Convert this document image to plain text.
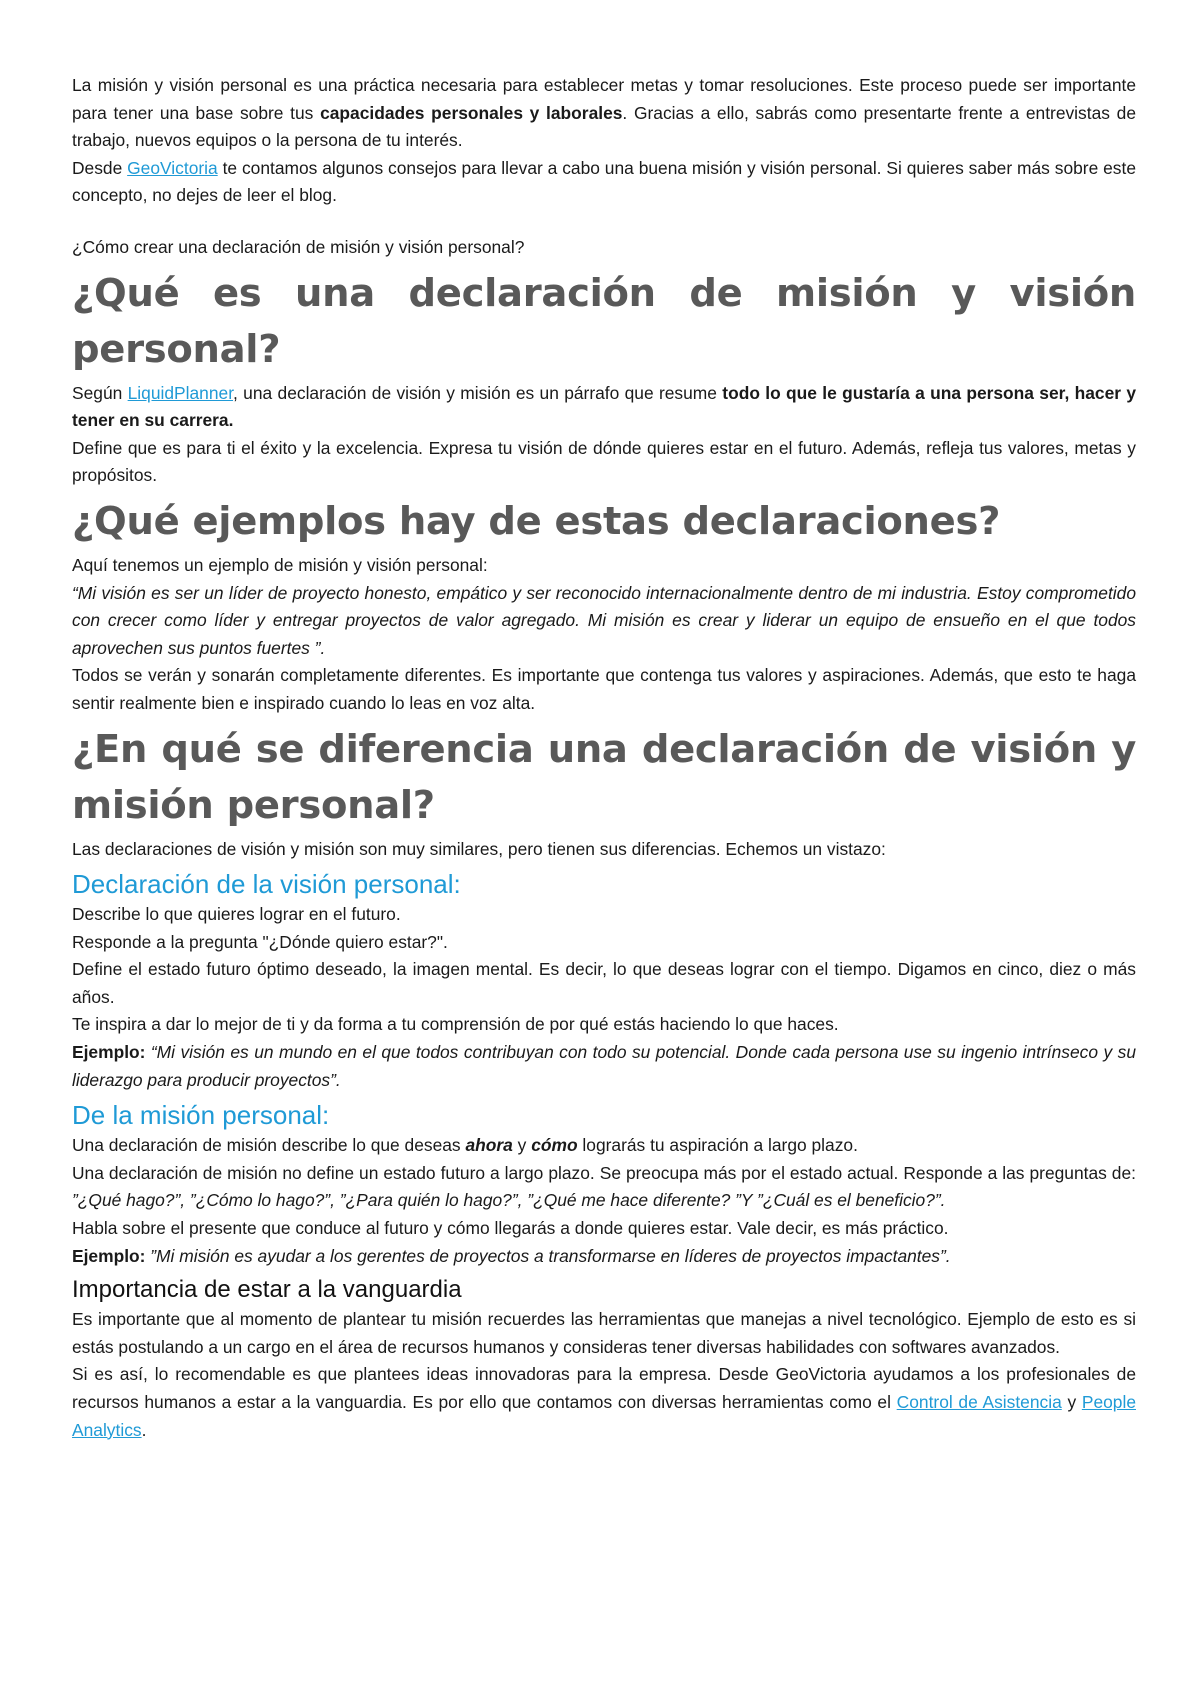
La misión y visión personal es una práctica necesaria para establecer metas y tomar resoluciones. Este proceso puede ser importante para tener una base sobre tus capacidades personales y laborales. Gracias a ello, sabrás como presentarte frente a entrevistas de trabajo, nuevos equipos o la persona de tu interés.

Desde GeoVictoria te contamos algunos consejos para llevar a cabo una buena misión y visión personal. Si quieres saber más sobre este concepto, no dejes de leer el blog.

¿Cómo crear una declaración de misión y visión personal?

¿Qué es una declaración de misión y visión personal?

Según LiquidPlanner, una declaración de visión y misión es un párrafo que resume todo lo que le gustaría a una persona ser, hacer y tener en su carrera.

Define que es para ti el éxito y la excelencia. Expresa tu visión de dónde quieres estar en el futuro. Además, refleja tus valores, metas y propósitos.

¿Qué ejemplos hay de estas declaraciones?

Aquí tenemos un ejemplo de misión y visión personal:

“Mi visión es ser un líder de proyecto honesto, empático y ser reconocido internacionalmente dentro de mi industria. Estoy comprometido con crecer como líder y entregar proyectos de valor agregado. Mi misión es crear y liderar un equipo de ensueño en el que todos aprovechen sus puntos fuertes ”.

Todos se verán y sonarán completamente diferentes. Es importante que contenga tus valores y aspiraciones. Además, que esto te haga sentir realmente bien e inspirado cuando lo leas en voz alta.

¿En qué se diferencia una declaración de visión y misión personal?

Las declaraciones de visión y misión son muy similares, pero tienen sus diferencias. Echemos un vistazo:

Declaración de la visión personal:

Describe lo que quieres lograr en el futuro.

Responde a la pregunta "¿Dónde quiero estar?".

Define el estado futuro óptimo deseado, la imagen mental. Es decir, lo que deseas lograr con el tiempo. Digamos en cinco, diez o más años.

Te inspira a dar lo mejor de ti y da forma a tu comprensión de por qué estás haciendo lo que haces.

Ejemplo: “Mi visión es un mundo en el que todos contribuyan con todo su potencial. Donde cada persona use su ingenio intrínseco y su liderazgo para producir proyectos”.

De la misión personal:

Una declaración de misión describe lo que deseas ahora y cómo lograrás tu aspiración a largo plazo.

Una declaración de misión no define un estado futuro a largo plazo. Se preocupa más por el estado actual. Responde a las preguntas de: ”¿Qué hago?”, ”¿Cómo lo hago?”, ”¿Para quién lo hago?”, ”¿Qué me hace diferente? ”Y ”¿Cuál es el beneficio?”.

Habla sobre el presente que conduce al futuro y cómo llegarás a donde quieres estar. Vale decir, es más práctico.

Ejemplo: ”Mi misión es ayudar a los gerentes de proyectos a transformarse en líderes de proyectos impactantes”.

Importancia de estar a la vanguardia

Es importante que al momento de plantear tu misión recuerdes las herramientas que manejas a nivel tecnológico. Ejemplo de esto es si estás postulando a un cargo en el área de recursos humanos y consideras tener diversas habilidades con softwares avanzados.

Si es así, lo recomendable es que plantees ideas innovadoras para la empresa. Desde GeoVictoria ayudamos a los profesionales de recursos humanos a estar a la vanguardia. Es por ello que contamos con diversas herramientas como el Control de Asistencia y People Analytics.
